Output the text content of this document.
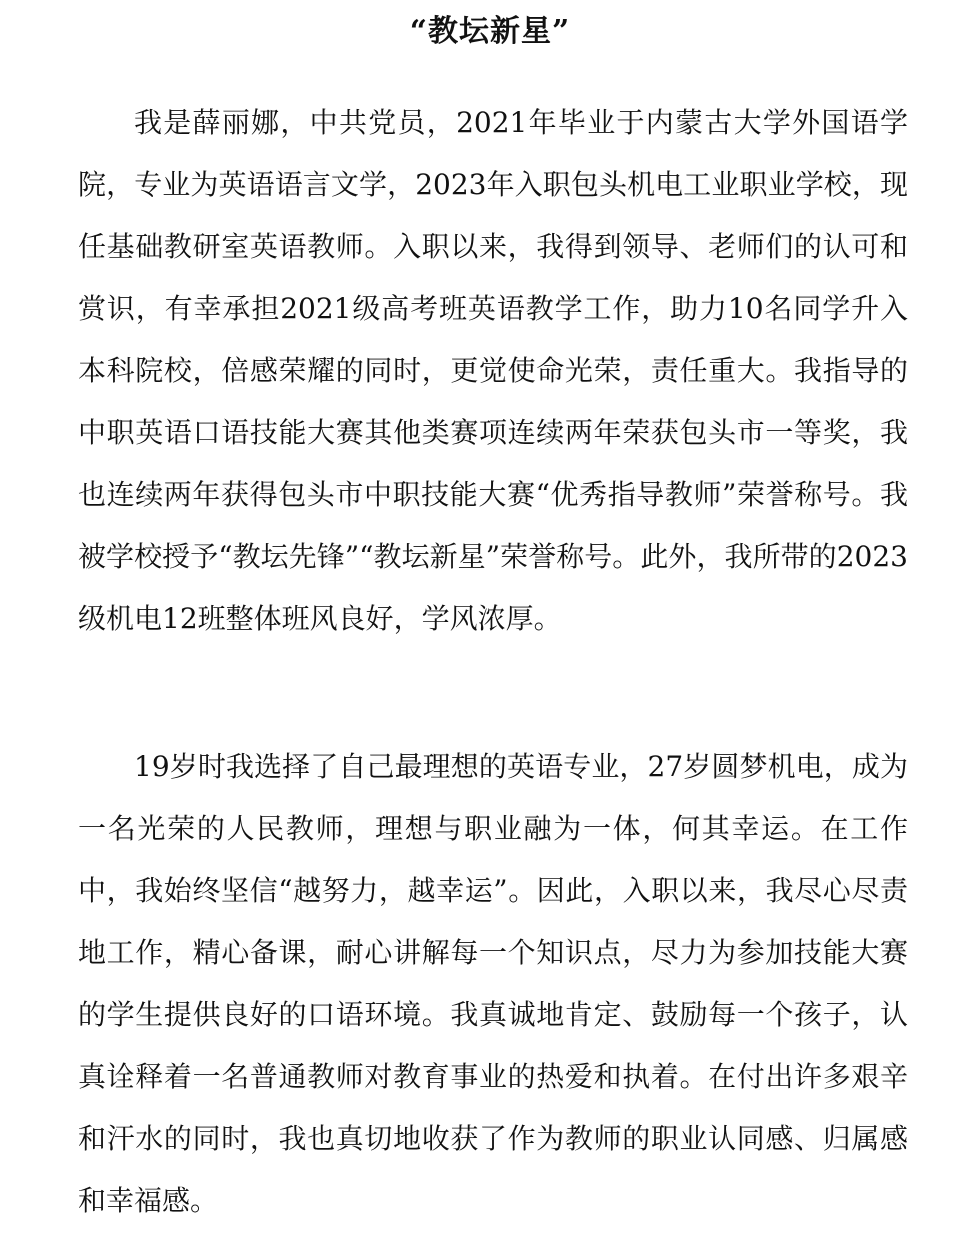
“教坛新星”

我是薛丽娜，中共党员，2021年毕业于内蒙古大学外国语学院，专业为英语语言文学，2023年入职包头机电工业职业学校，现任基础教研室英语教师。入职以来，我得到领导、老师们的认可和赏识，有幸承担2021级高考班英语教学工作，助力10名同学升入本科院校，倍感荣耀的同时，更觉使命光荣，责任重大。我指导的中职英语口语技能大赛其他类赛项连续两年荣获包头市一等奖，我也连续两年获得包头市中职技能大赛“优秀指导教师”荣誉称号。我被学校授予“教坛先锋”“教坛新星”荣誉称号。此外，我所带的2023级机电12班整体班风良好，学风浓厚。

19岁时我选择了自己最理想的英语专业，27岁圆梦机电，成为一名光荣的人民教师，理想与职业融为一体，何其幸运。在工作中，我始终坚信“越努力，越幸运”。因此，入职以来，我尽心尽责地工作，精心备课，耐心讲解每一个知识点，尽力为参加技能大赛的学生提供良好的口语环境。我真诚地肯定、鼓励每一个孩子，认真诠释着一名普通教师对教育事业的热爱和执着。在付出许多艰辛和汗水的同时，我也真切地收获了作为教师的职业认同感、归属感和幸福感。
